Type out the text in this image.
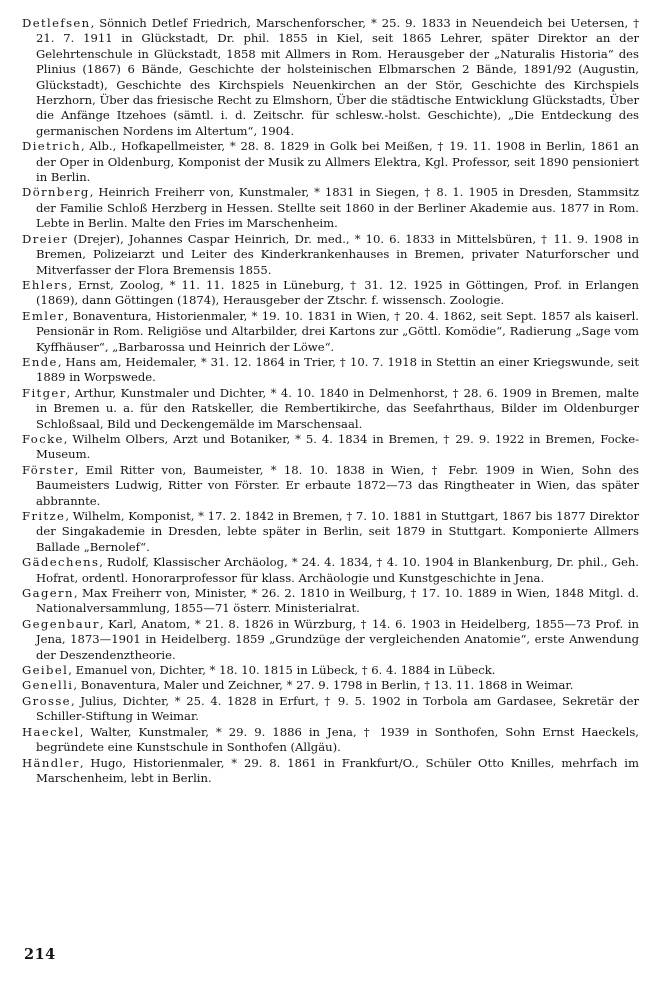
Detlefsen, Sönnich Detlef Friedrich, Marschenforscher, * 25. 9. 1833 in Neuendeich bei Uetersen, † 21. 7. 1911 in Glückstadt, Dr. phil. 1855 in Kiel, seit 1865 Lehrer, später Direktor an der Gelehrtenschule in Glückstadt, 1858 mit Allmers in Rom. Herausgeber der „Naturalis Historia“ des Plinius (1867) 6 Bände, Geschichte der holsteinischen Elbmarschen 2 Bände, 1891/92 (Augustin, Glückstadt), Geschichte des Kirchspiels Neuenkirchen an der Stör, Geschichte des Kirchspiels Herzhorn, Über das friesische Recht zu Elmshorn, Über die städtische Entwicklung Glückstadts, Über die Anfänge Itzehoes (sämtl. i. d. Zeitschr. für schlesw.-holst. Geschichte), „Die Entdeckung des germanischen Nordens im Altertum“, 1904.

Dietrich, Alb., Hofkapellmeister, * 28. 8. 1829 in Golk bei Meißen, † 19. 11. 1908 in Berlin, 1861 an der Oper in Oldenburg, Komponist der Musik zu Allmers Elektra, Kgl. Professor, seit 1890 pensioniert in Berlin.

Dörnberg, Heinrich Freiherr von, Kunstmaler, * 1831 in Siegen, † 8. 1. 1905 in Dresden, Stammsitz der Familie Schloß Herzberg in Hessen. Stellte seit 1860 in der Berliner Akademie aus. 1877 in Rom. Lebte in Berlin. Malte den Fries im Marschenheim.

Dreier (Drejer), Johannes Caspar Heinrich, Dr. med., * 10. 6. 1833 in Mittelsbüren, † 11. 9. 1908 in Bremen, Polizeiarzt und Leiter des Kinderkrankenhauses in Bremen, privater Naturforscher und Mitverfasser der Flora Bremensis 1855.

Ehlers, Ernst, Zoolog, * 11. 11. 1825 in Lüneburg, † 31. 12. 1925 in Göttingen, Prof. in Erlangen (1869), dann Göttingen (1874), Herausgeber der Ztschr. f. wissensch. Zoologie.

Emler, Bonaventura, Historienmaler, * 19. 10. 1831 in Wien, † 20. 4. 1862, seit Sept. 1857 als kaiserl. Pensionär in Rom. Religiöse und Altarbilder, drei Kartons zur „Göttl. Komödie“, Radierung „Sage vom Kyffhäuser“, „Barbarossa und Heinrich der Löwe“.

Ende, Hans am, Heidemaler, * 31. 12. 1864 in Trier, † 10. 7. 1918 in Stettin an einer Kriegswunde, seit 1889 in Worpswede.

Fitger, Arthur, Kunstmaler und Dichter, * 4. 10. 1840 in Delmenhorst, † 28. 6. 1909 in Bremen, malte in Bremen u. a. für den Ratskeller, die Rembertikirche, das Seefahrthaus, Bilder im Oldenburger Schloßsaal, Bild und Deckengemälde im Marschensaal.

Focke, Wilhelm Olbers, Arzt und Botaniker, * 5. 4. 1834 in Bremen, † 29. 9. 1922 in Bremen, Focke-Museum.

Förster, Emil Ritter von, Baumeister, * 18. 10. 1838 in Wien, † Febr. 1909 in Wien, Sohn des Baumeisters Ludwig, Ritter von Förster. Er erbaute 1872—73 das Ringtheater in Wien, das später abbrannte.

Fritze, Wilhelm, Komponist, * 17. 2. 1842 in Bremen, † 7. 10. 1881 in Stuttgart, 1867 bis 1877 Direktor der Singakademie in Dresden, lebte später in Berlin, seit 1879 in Stuttgart. Komponierte Allmers Ballade „Bernolef“.

Gädechens, Rudolf, Klassischer Archäolog, * 24. 4. 1834, † 4. 10. 1904 in Blankenburg, Dr. phil., Geh. Hofrat, ordentl. Honorarprofessor für klass. Archäologie und Kunstgeschichte in Jena.

Gagern, Max Freiherr von, Minister, * 26. 2. 1810 in Weilburg, † 17. 10. 1889 in Wien, 1848 Mitgl. d. Nationalversammlung, 1855—71 österr. Ministerialrat.

Gegenbaur, Karl, Anatom, * 21. 8. 1826 in Würzburg, † 14. 6. 1903 in Heidelberg, 1855—73 Prof. in Jena, 1873—1901 in Heidelberg. 1859 „Grundzüge der vergleichenden Anatomie“, erste Anwendung der Deszendenztheorie.

Geibel, Emanuel von, Dichter, * 18. 10. 1815 in Lübeck, † 6. 4. 1884 in Lübeck.

Genelli, Bonaventura, Maler und Zeichner, * 27. 9. 1798 in Berlin, † 13. 11. 1868 in Weimar.

Grosse, Julius, Dichter, * 25. 4. 1828 in Erfurt, † 9. 5. 1902 in Torbola am Gardasee, Sekretär der Schiller-Stiftung in Weimar.

Haeckel, Walter, Kunstmaler, * 29. 9. 1886 in Jena, † 1939 in Sonthofen, Sohn Ernst Haeckels, begründete eine Kunstschule in Sonthofen (Allgäu).

Händler, Hugo, Historienmaler, * 29. 8. 1861 in Frankfurt/O., Schüler Otto Knilles, mehrfach im Marschenheim, lebt in Berlin.

214
